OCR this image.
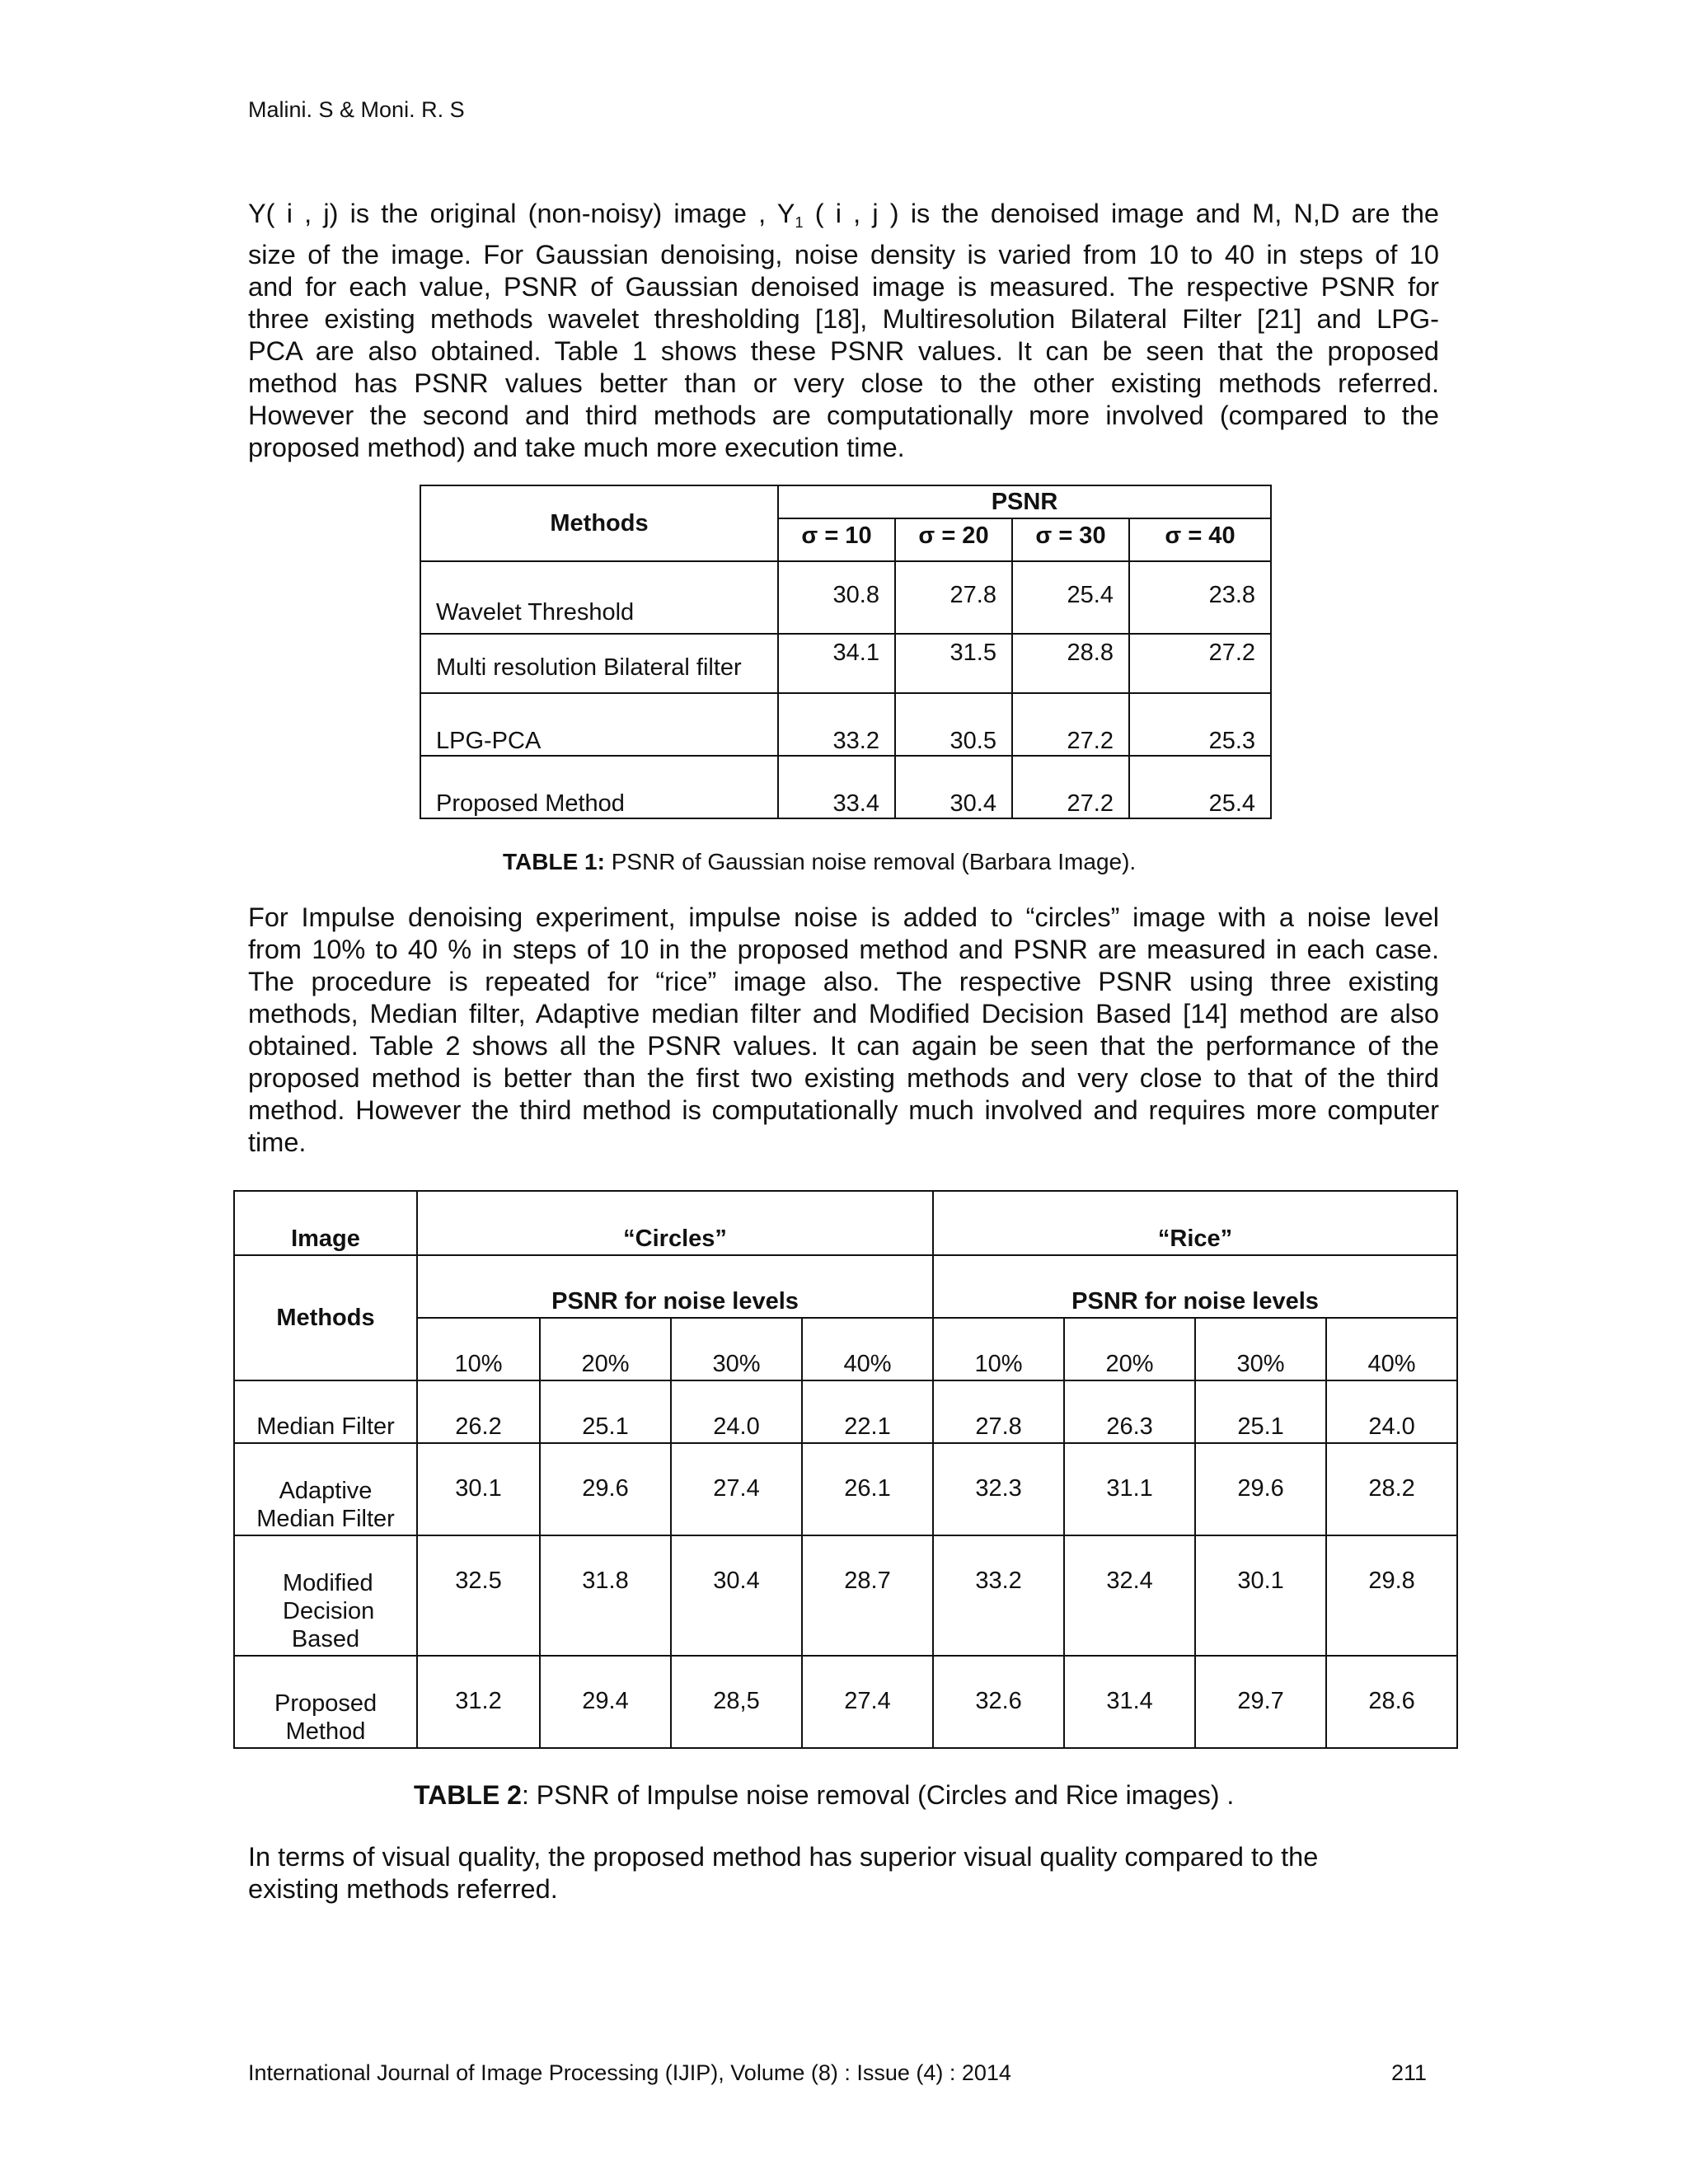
Malini. S & Moni. R. S
Y( i , j) is the original (non-noisy) image , $Y_1$ ( i , j ) is the denoised image and M, N,D are the
size of the image. For Gaussian denoising, noise density is varied from 10 to 40 in steps of 10
and for each value, PSNR of Gaussian denoised image is measured. The respective PSNR for
three existing methods wavelet thresholding [18], Multiresolution Bilateral Filter [21] and LPG-
PCA are also obtained. Table 1 shows these PSNR values. It can be seen that the proposed
method has PSNR values better than or very close to the other existing methods referred.
However the second and third methods are computationally more involved (compared to the
proposed method) and take much more execution time.
Methods	PSNR			
	σ = 10	σ = 20	σ = 30	σ = 40

Wavelet Threshold	30.8	27.8	25.4	23.8
Multi resolution Bilateral filter	34.1	31.5	28.8	27.2
LPG-PCA	33.2	30.5	27.2	25.3
Proposed Method	33.4	30.4	27.2	25.4
TABLE 1: PSNR of Gaussian noise removal (Barbara Image).
For Impulse denoising experiment, impulse noise is added to “circles” image with a noise level
from 10% to 40 % in steps of 10 in the proposed method and PSNR are measured in each case.
The procedure is repeated for “rice” image also. The respective PSNR using three existing
methods, Median filter, Adaptive median filter and Modified Decision Based [14] method are also
obtained. Table 2 shows all the PSNR values. It can again be seen that the performance of the
proposed method is better than the first two existing methods and very close to that of the third
method. However the third method is computationally much involved and requires more computer
time.
Image	“Circles”				“Rice”			
Methods	PSNR for noise levels				PSNR for noise levels			
	10%	20%	30%	40%	10%	20%	30%	40%
Median Filter	26.2	25.1	24.0	22.1	27.8	26.3	25.1	24.0
Adaptive Median Filter	30.1	29.6	27.4	26.1	32.3	31.1	29.6	28.2
Modified Decision Based	32.5	31.8	30.4	28.7	33.2	32.4	30.1	29.8
Proposed Method	31.2	29.4	28,5	27.4	32.6	31.4	29.7	28.6
TABLE 2: PSNR of Impulse noise removal (Circles and Rice images) .
In terms of visual quality, the proposed method has superior visual quality compared to the
existing methods referred.
International Journal of Image Processing (IJIP), Volume (8) : Issue (4) : 2014	211
